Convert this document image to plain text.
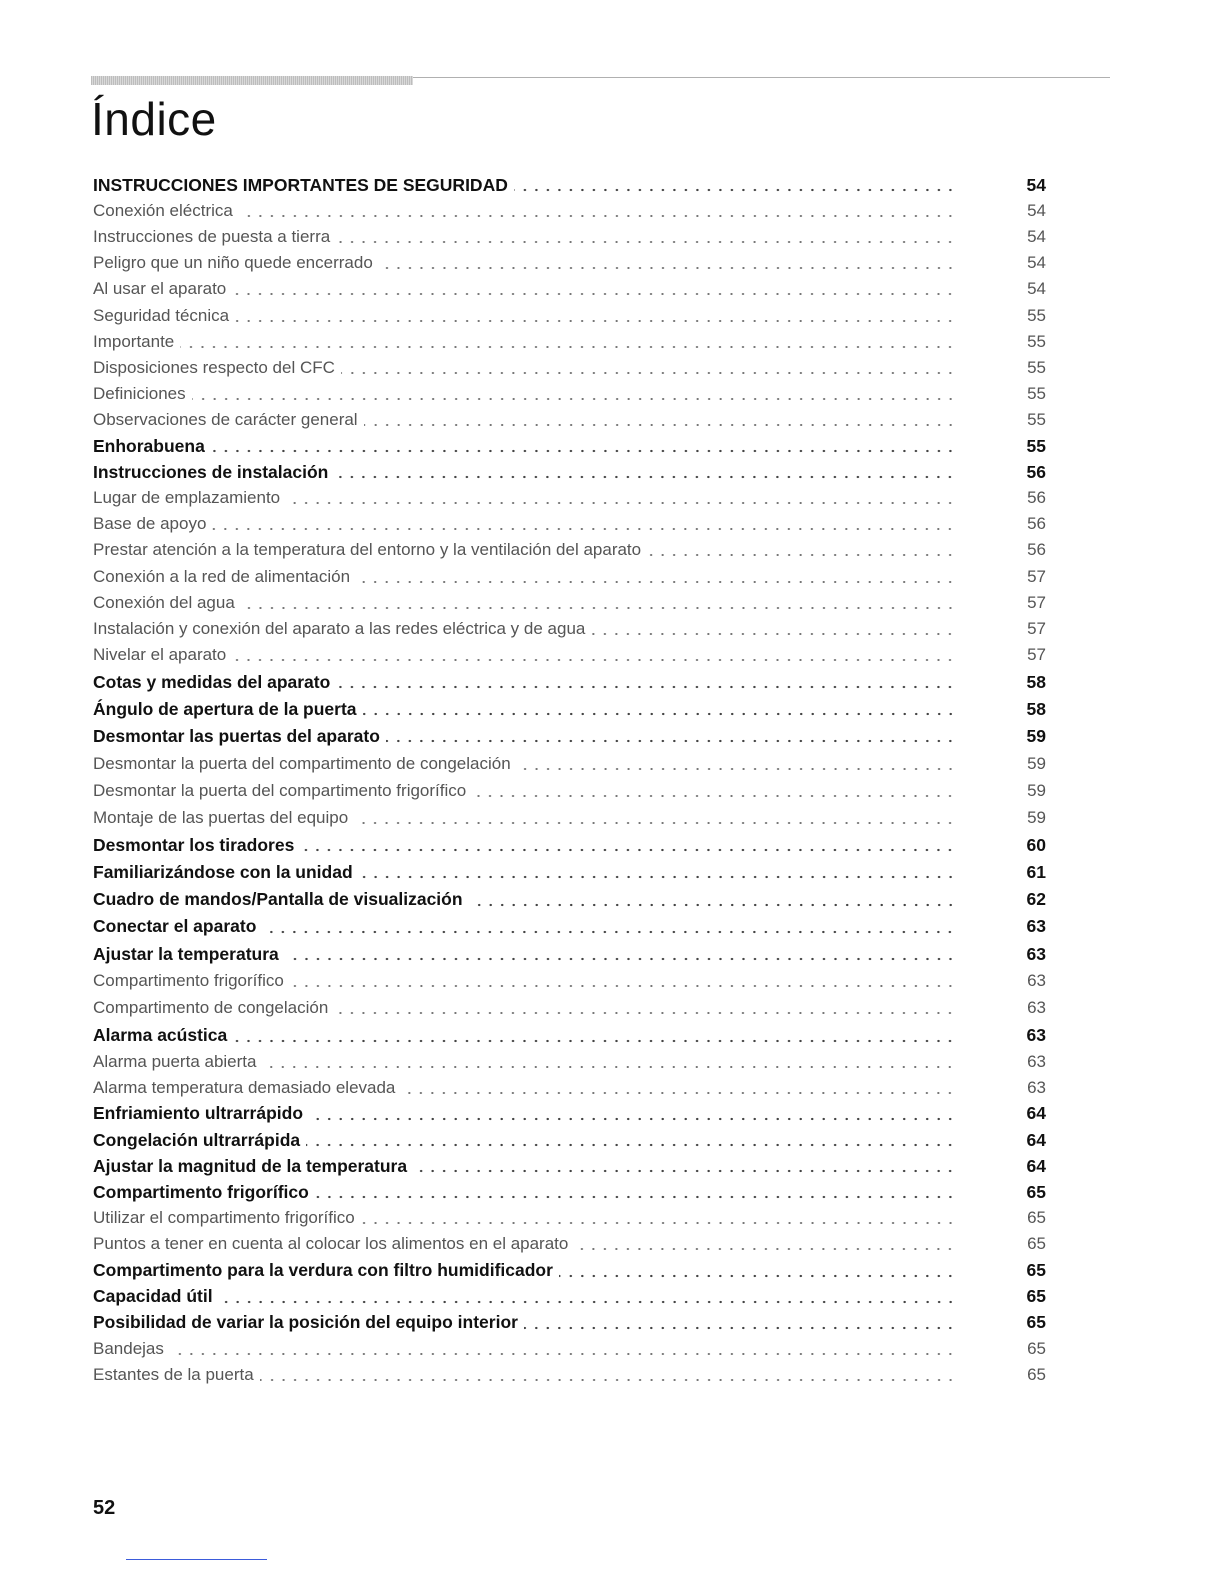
Índice
INSTRUCCIONES IMPORTANTES DE SEGURIDAD	54
Conexión eléctrica	54
Instrucciones de puesta a tierra	54
Peligro que un niño quede encerrado	54
Al usar el aparato	54
Seguridad técnica	55
Importante	55
Disposiciones respecto del CFC	55
Definiciones	55
Observaciones de carácter general	55
Enhorabuena	55
Instrucciones de instalación	56
Lugar de emplazamiento	56
Base de apoyo	56
Prestar atención a la temperatura del entorno y la ventilación del aparato	56
Conexión a la red de alimentación	57
Conexión del agua	57
Instalación y conexión del aparato a las redes eléctrica y de agua	57
Nivelar el aparato	57
Cotas y medidas del aparato	58
Ángulo de apertura de la puerta	58
Desmontar las puertas del aparato	59
Desmontar la puerta del compartimento de congelación	59
Desmontar la puerta del compartimento frigorífico	59
Montaje de las puertas del equipo	59
Desmontar los tiradores	60
Familiarizándose con la unidad	61
Cuadro de mandos/Pantalla de visualización	62
Conectar el aparato	63
Ajustar la temperatura	63
Compartimento frigorífico	63
Compartimento de congelación	63
Alarma acústica	63
Alarma puerta abierta	63
Alarma temperatura demasiado elevada	63
Enfriamiento ultrarrápido	64
Congelación ultrarrápida	64
Ajustar la magnitud de la temperatura	64
Compartimento frigorífico	65
Utilizar el compartimento frigorífico	65
Puntos a tener en cuenta al colocar los alimentos en el aparato	65
Compartimento para la verdura con filtro humidificador	65
Capacidad útil	65
Posibilidad de variar la posición del equipo interior	65
Bandejas	65
Estantes de la puerta	65
52
